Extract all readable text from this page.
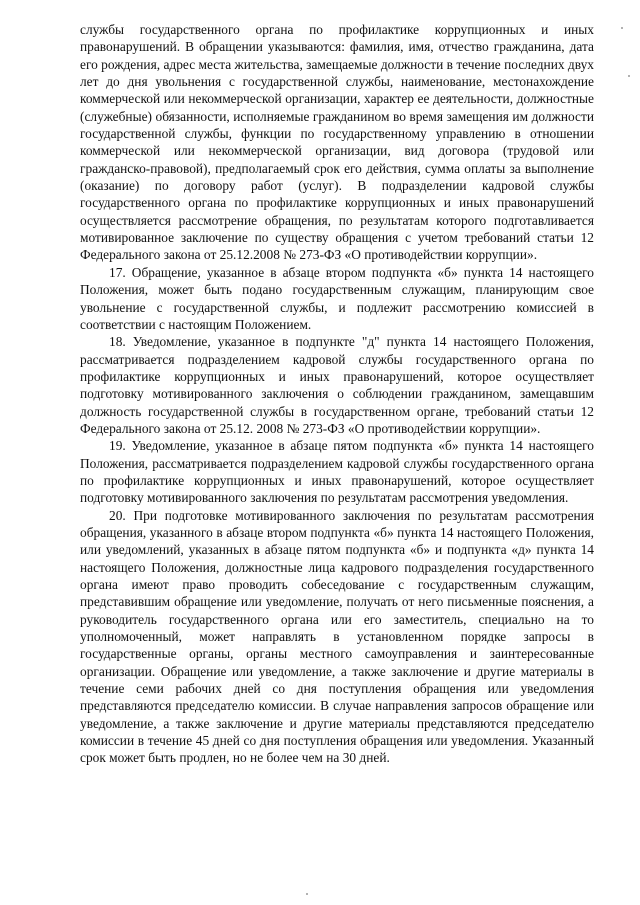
службы государственного органа по профилактике коррупционных и иных правонарушений. В обращении указываются: фамилия, имя, отчество гражданина, дата его рождения, адрес места жительства, замещаемые должности в течение последних двух лет до дня увольнения с государственной службы, наименование, местонахождение коммерческой или некоммерческой организации, характер ее деятельности, должностные (служебные) обязанности, исполняемые гражданином во время замещения им должности государственной службы, функции по государственному управлению в отношении коммерческой или некоммерческой организации, вид договора (трудовой или гражданско-правовой), предполагаемый срок его действия, сумма оплаты за выполнение (оказание) по договору работ (услуг). В подразделении кадровой службы государственного органа по профилактике коррупционных и иных правонарушений осуществляется рассмотрение обращения, по результатам которого подготавливается мотивированное заключение по существу обращения с учетом требований статьи 12 Федерального закона от 25.12.2008 № 273-ФЗ «О противодействии коррупции».

17. Обращение, указанное в абзаце втором подпункта «б» пункта 14 настоящего Положения, может быть подано государственным служащим, планирующим свое увольнение с государственной службы, и подлежит рассмотрению комиссией в соответствии с настоящим Положением.

18. Уведомление, указанное в подпункте "д" пункта 14 настоящего Положения, рассматривается подразделением кадровой службы государственного органа по профилактике коррупционных и иных правонарушений, которое осуществляет подготовку мотивированного заключения о соблюдении гражданином, замещавшим должность государственной службы в государственном органе, требований статьи 12 Федерального закона от 25.12. 2008 № 273-ФЗ «О противодействии коррупции».

19. Уведомление, указанное в абзаце пятом подпункта «б» пункта 14 настоящего Положения, рассматривается подразделением кадровой службы государственного органа по профилактике коррупционных и иных правонарушений, которое осуществляет подготовку мотивированного заключения по результатам рассмотрения уведомления.

20. При подготовке мотивированного заключения по результатам рассмотрения обращения, указанного в абзаце втором подпункта «б» пункта 14 настоящего Положения, или уведомлений, указанных в абзаце пятом подпункта «б» и подпункта «д» пункта 14 настоящего Положения, должностные лица кадрового подразделения государственного органа имеют право проводить собеседование с государственным служащим, представившим обращение или уведомление, получать от него письменные пояснения, а руководитель государственного органа или его заместитель, специально на то уполномоченный, может направлять в установленном порядке запросы в государственные органы, органы местного самоуправления и заинтересованные организации. Обращение или уведомление, а также заключение и другие материалы в течение семи рабочих дней со дня поступления обращения или уведомления представляются председателю комиссии. В случае направления запросов обращение или уведомление, а также заключение и другие материалы представляются председателю комиссии в течение 45 дней со дня поступления обращения или уведомления. Указанный срок может быть продлен, но не более чем на 30 дней.
